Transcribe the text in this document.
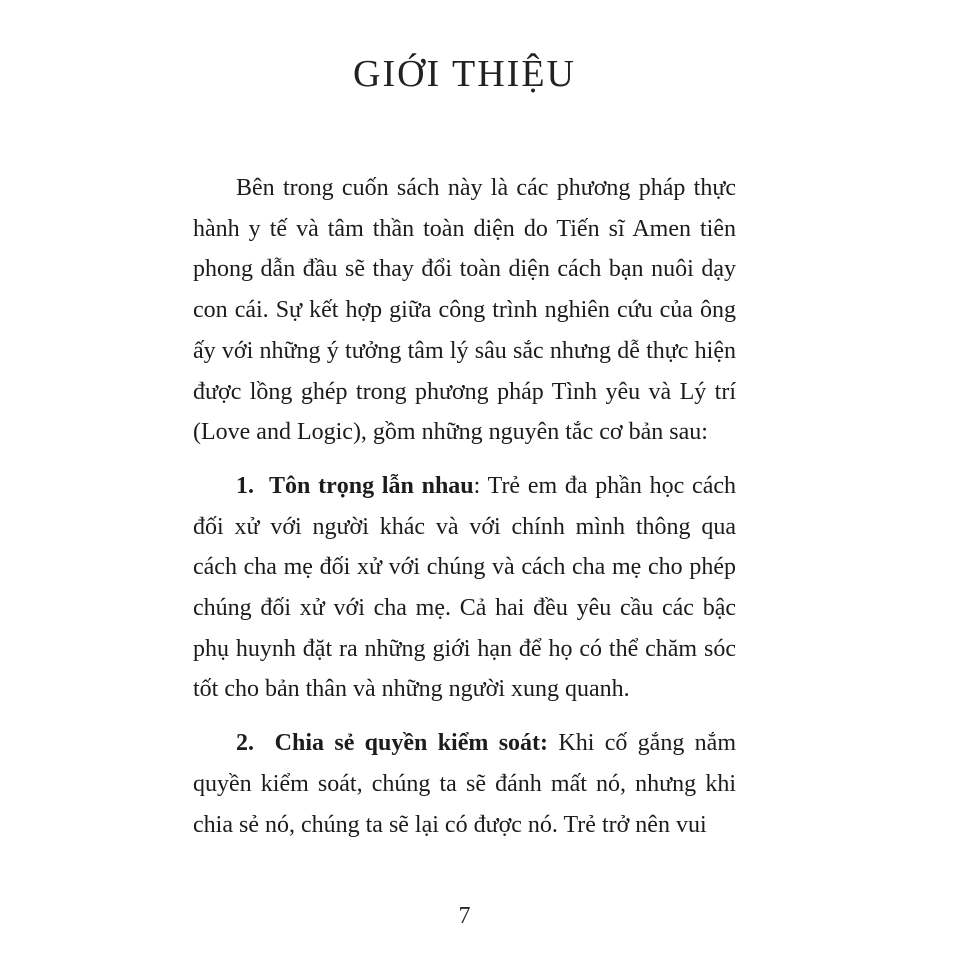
GIỚI THIỆU

Bên trong cuốn sách này là các phương pháp thực hành y tế và tâm thần toàn diện do Tiến sĩ Amen tiên phong dẫn đầu sẽ thay đổi toàn diện cách bạn nuôi dạy con cái. Sự kết hợp giữa công trình nghiên cứu của ông ấy với những ý tưởng tâm lý sâu sắc nhưng dễ thực hiện được lồng ghép trong phương pháp Tình yêu và Lý trí (Love and Logic), gồm những nguyên tắc cơ bản sau:

1.  Tôn trọng lẫn nhau: Trẻ em đa phần học cách đối xử với người khác và với chính mình thông qua cách cha mẹ đối xử với chúng và cách cha mẹ cho phép chúng đối xử với cha mẹ. Cả hai đều yêu cầu các bậc phụ huynh đặt ra những giới hạn để họ có thể chăm sóc tốt cho bản thân và những người xung quanh.

2.  Chia sẻ quyền kiểm soát: Khi cố gắng nắm quyền kiểm soát, chúng ta sẽ đánh mất nó, nhưng khi chia sẻ nó, chúng ta sẽ lại có được nó. Trẻ trở nên vui

7
